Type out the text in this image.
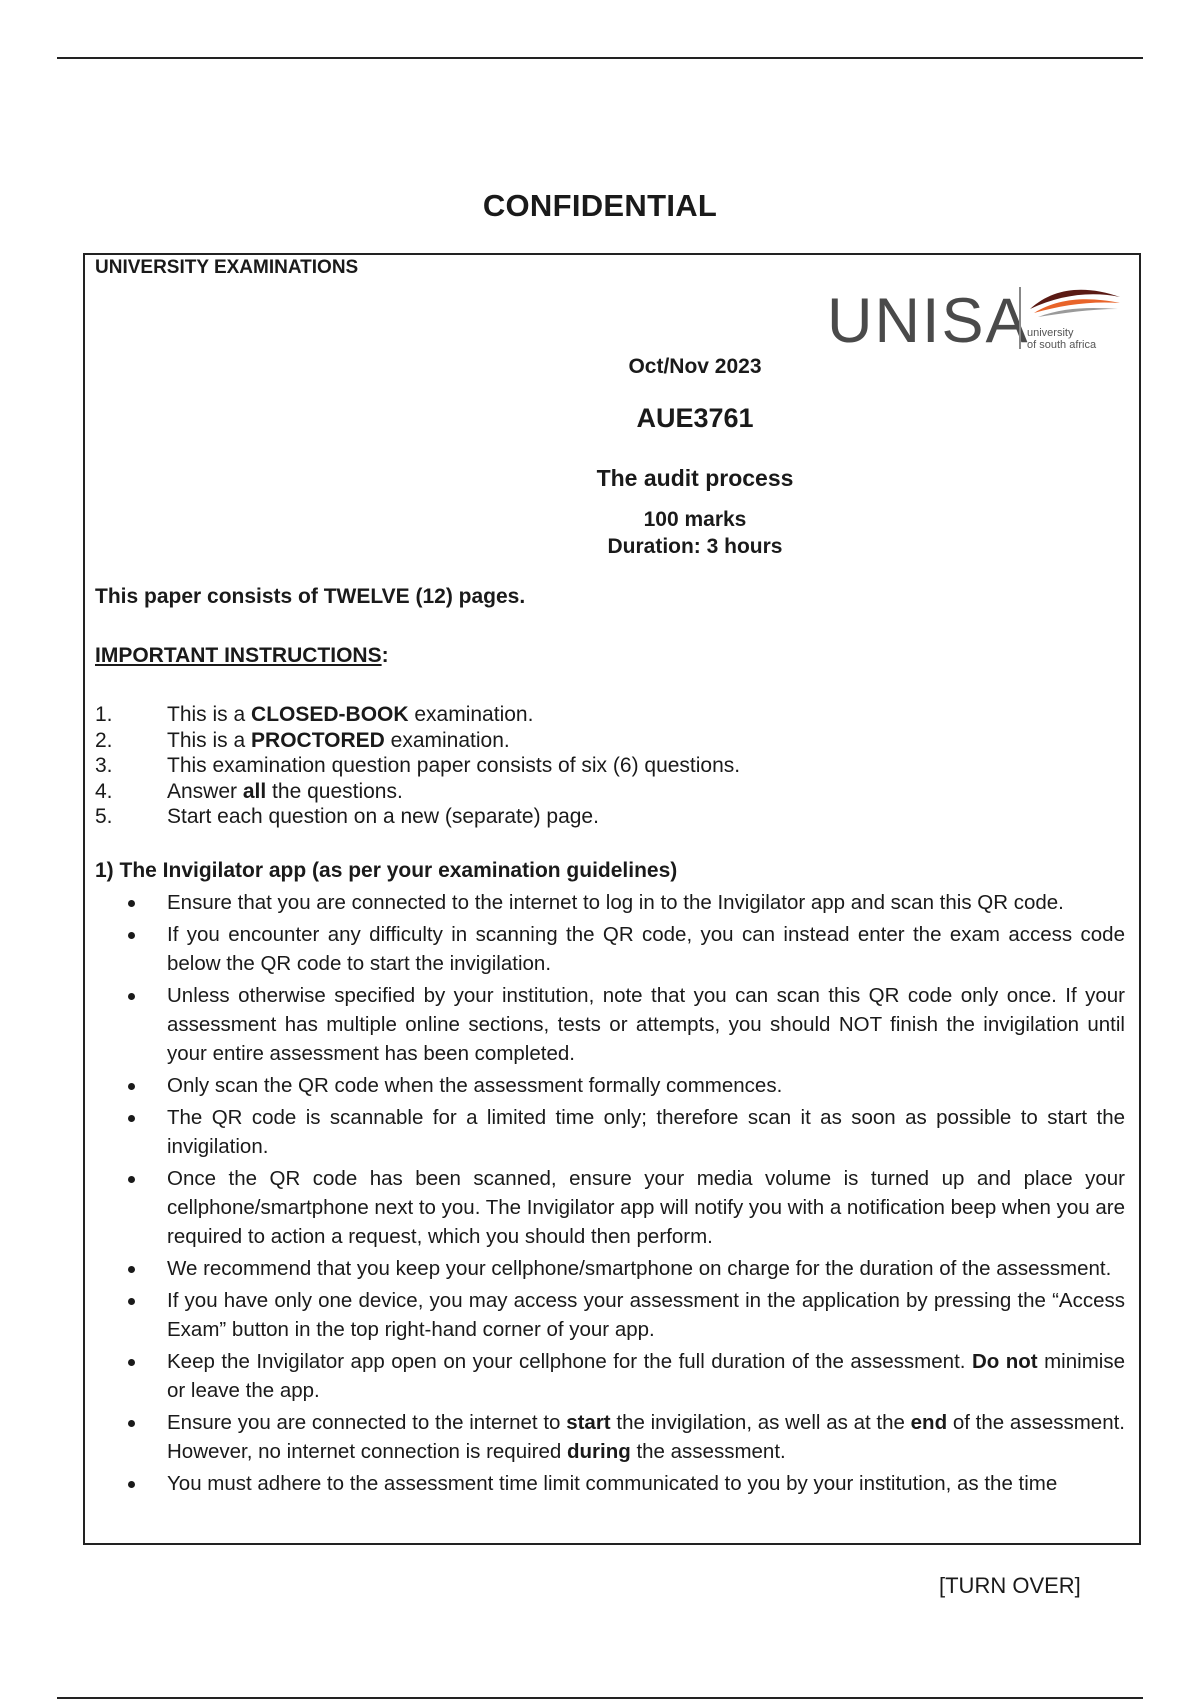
CONFIDENTIAL
UNIVERSITY EXAMINATIONS
UNISA
university
of south africa
Oct/Nov 2023
AUE3761
The audit process
100 marks
Duration: 3 hours
This paper consists of TWELVE (12) pages.
IMPORTANT INSTRUCTIONS:
1.	This is a CLOSED-BOOK examination.
2.	This is a PROCTORED examination.
3.	This examination question paper consists of six (6) questions.
4.	Answer all the questions.
5.	Start each question on a new (separate) page.
1) The Invigilator app (as per your examination guidelines)
Ensure that you are connected to the internet to log in to the Invigilator app and scan this QR code.
If you encounter any difficulty in scanning the QR code, you can instead enter the exam access code below the QR code to start the invigilation.
Unless otherwise specified by your institution, note that you can scan this QR code only once. If your assessment has multiple online sections, tests or attempts, you should NOT finish the invigilation until your entire assessment has been completed.
Only scan the QR code when the assessment formally commences.
The QR code is scannable for a limited time only; therefore scan it as soon as possible to start the invigilation.
Once the QR code has been scanned, ensure your media volume is turned up and place your cellphone/smartphone next to you. The Invigilator app will notify you with a notification beep when you are required to action a request, which you should then perform.
We recommend that you keep your cellphone/smartphone on charge for the duration of the assessment.
If you have only one device, you may access your assessment in the application by pressing the “Access Exam” button in the top right-hand corner of your app.
Keep the Invigilator app open on your cellphone for the full duration of the assessment. Do not minimise or leave the app.
Ensure you are connected to the internet to start the invigilation, as well as at the end of the assessment. However, no internet connection is required during the assessment.
You must adhere to the assessment time limit communicated to you by your institution, as the time
[TURN OVER]
